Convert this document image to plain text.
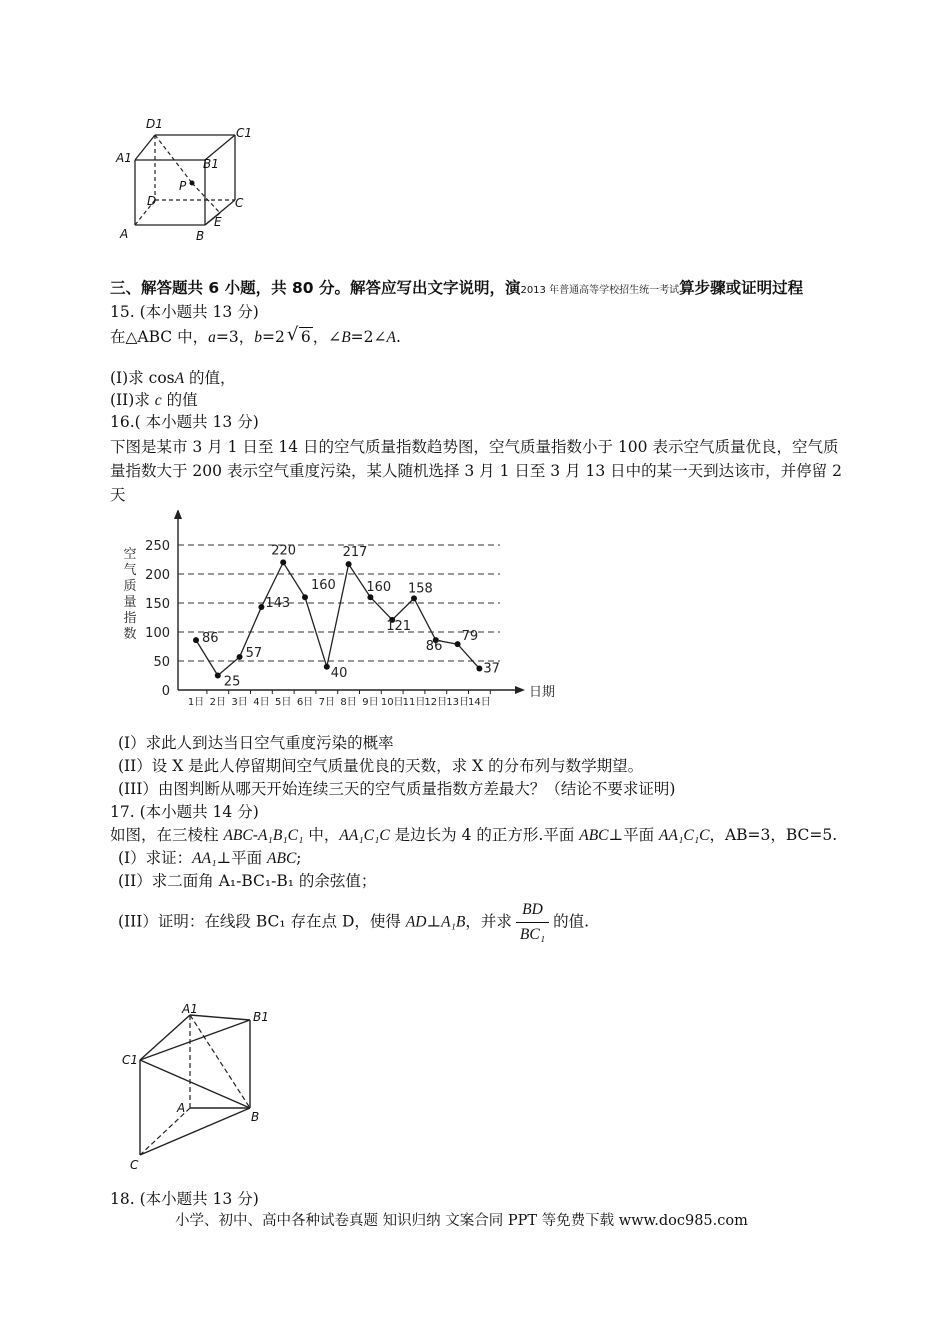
D1
C1
A1	B1
P
D	C
A	B
E
三、解答题共 6 小题，共 80 分。解答应写出文字说明，演2013 年普通高等学校招生统一考试算步骤或证明过程
15. (本小题共 13 分)
在△ABC 中，a=3，b=2√ 6 ，∠B=2∠A.
(I)求 cosA 的值，
(II)求 c 的值
16.( 本小题共 13 分)
下图是某市 3 月 1 日至 14 日的空气质量指数趋势图，空气质量指数小于 100 表示空气质量优良，空气质量指数大于 200 表示空气重度污染，某人随机选择 3 月 1 日至 3 月 13 日中的某一天到达该市，并停留 2 天
0
50
100
150
200
250
空
气
质
量
指
数
日期
1日 2日 3日 4日 5日 6日 7日 8日 9日 10日 11日 12日 13日 14日
86
25
57
143
220
160
40
217
160
121
158
86
79
37
(I）求此人到达当日空气重度污染的概率
(II）设 X 是此人停留期间空气质量优良的天数，求 X 的分布列与数学期望。
(III）由图判断从哪天开始连续三天的空气质量指数方差最大？（结论不要求证明)
17. (本小题共 14 分)
如图，在三棱柱 ABC-A₁B₁C₁ 中，AA₁C₁C 是边长为 4 的正方形.平面 ABC⊥平面 AA₁C₁C，AB=3，BC=5.
(I）求证：AA₁⊥平面 ABC;
(II）求二面角 A₁-BC₁-B₁ 的余弦值；
(III）证明：在线段 BC₁ 存在点 D，使得 AD⊥A₁B，并求 $\frac{BD}{\text{BC₁}}$ 的值.
A1
B1
C1
A
B
C
18. (本小题共 13 分)
小学、初中、高中各种试卷真题 知识归纳 文案合同 PPT 等免费下载 www.doc985.com
